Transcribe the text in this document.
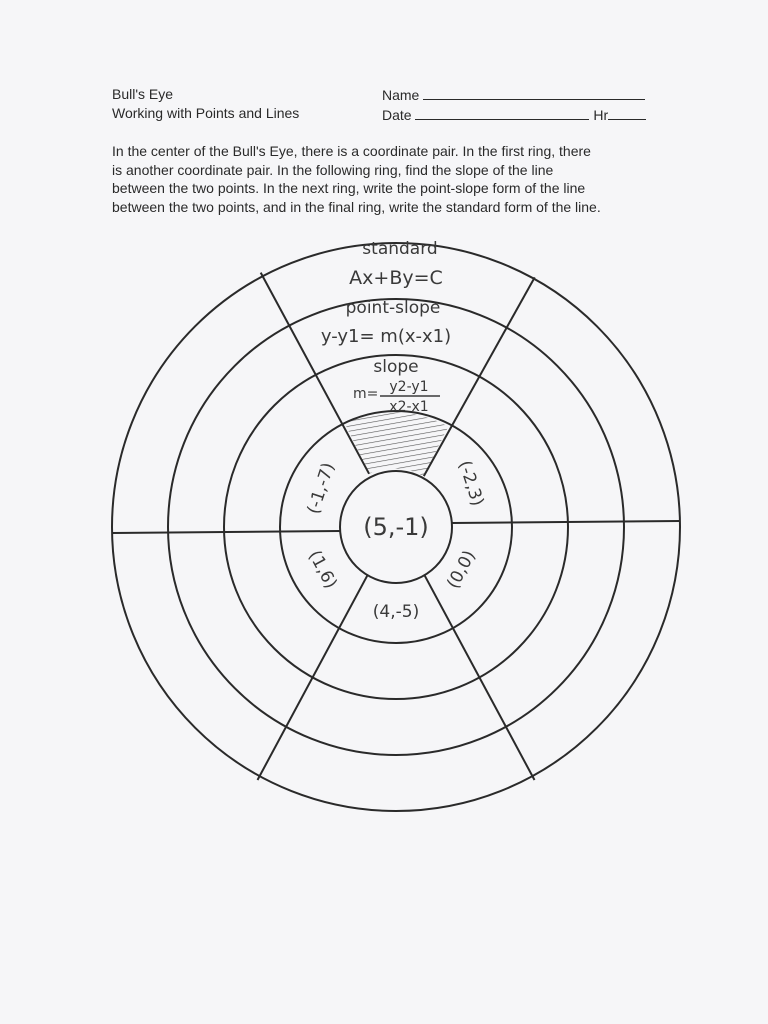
Bull's Eye
Working with Points and Lines
Name
Date	Hr
In the center of the Bull's Eye, there is a coordinate pair. In the first ring, there
is another coordinate pair. In the following ring, find the slope of the line
between the two points. In the next ring, write the point-slope form of the line
between the two points, and in the final ring, write the standard form of the line.
(5,-1)
(-1,-7)	(-2,3)
(0,0)
(4,-5)
(1,6)
slope
m= y2-y1
x2-x1
point-slope
y-y1= m(x-x1)
standard
Ax+By=C
